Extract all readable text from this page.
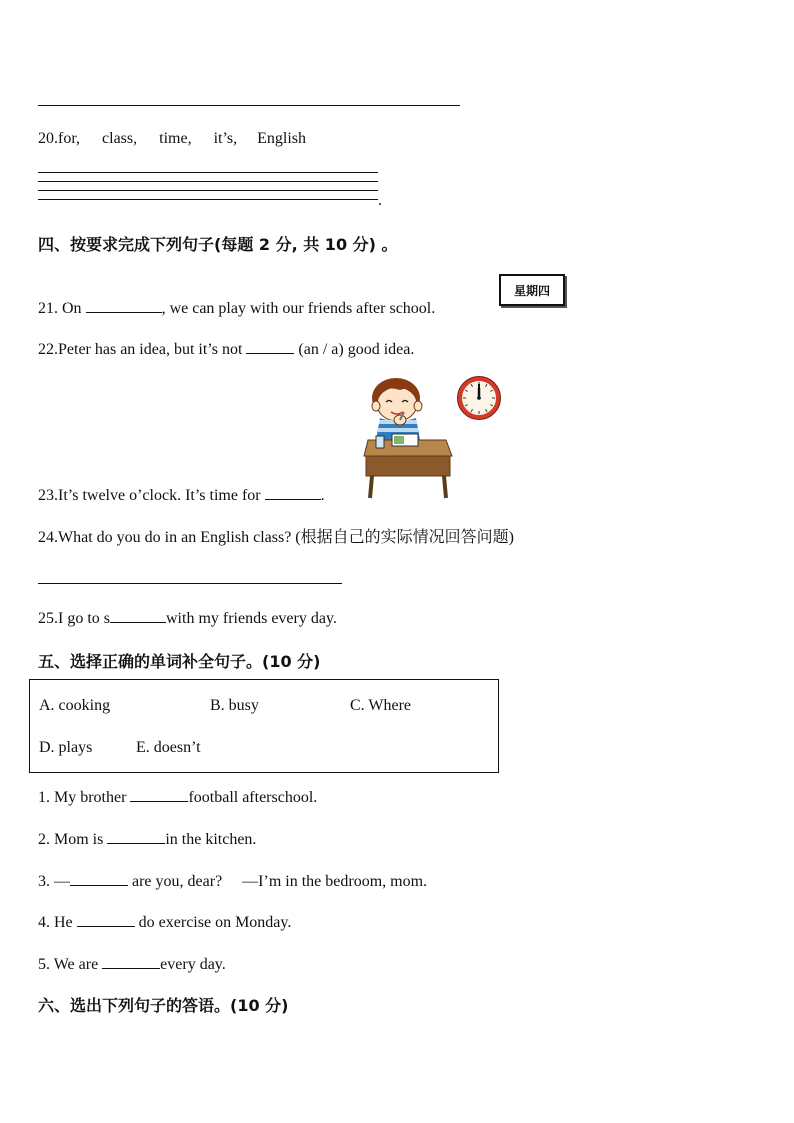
20.for, class, time, it’s, English
.
四、按要求完成下列句子(每题 2 分, 共 10 分) 。
21. On	, we can play with our friends after school.
星期四
22.Peter has an idea, but it’s not	(an / a) good idea.
23.It’s twelve o’clock. It’s time for	.
24.What do you do in an English class? (根据自己的实际情况回答问题)
25.I go to s	with my friends every day.
五、选择正确的单词补全句子。(10 分)
A. cooking	B. busy	C. Where
D. plays	E. doesn’t
1. My brother	football afterschool.
2. Mom is	in the kitchen.
3. —	are you, dear?     —I’m in the bedroom, mom.
4. He	do exercise on Monday.
5. We are	every day.
六、选出下列句子的答语。(10 分)
